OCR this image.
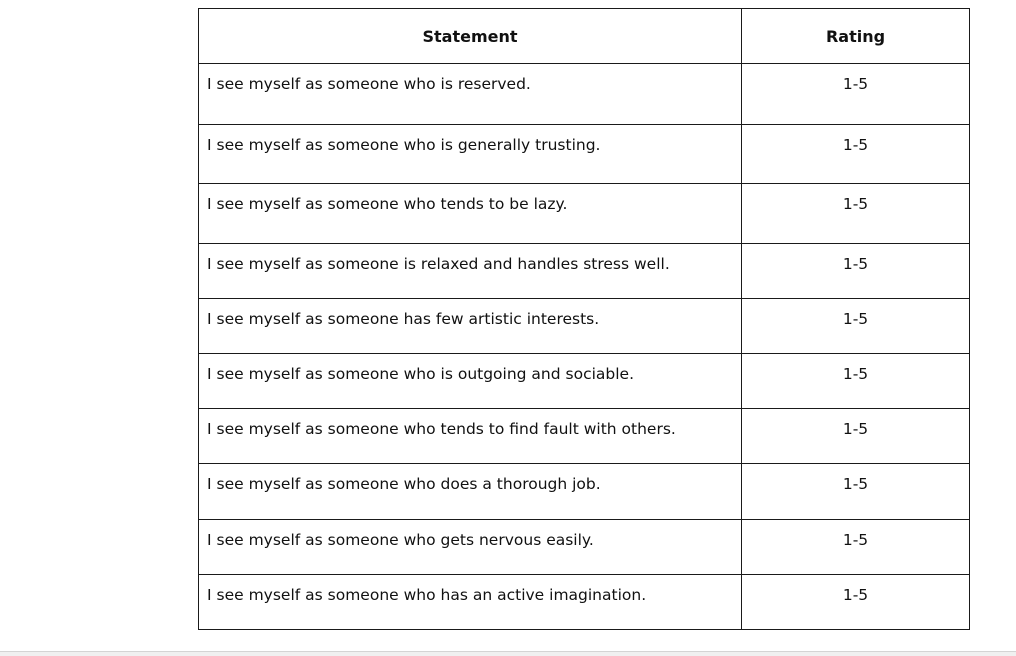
Statement	Rating
I see myself as someone who is reserved.	1-5
I see myself as someone who is generally trusting.	1-5
I see myself as someone who tends to be lazy.	1-5
I see myself as someone is relaxed and handles stress well.	1-5
I see myself as someone has few artistic interests.	1-5
I see myself as someone who is outgoing and sociable.	1-5
I see myself as someone who tends to find fault with others.	1-5
I see myself as someone who does a thorough job.	1-5
I see myself as someone who gets nervous easily.	1-5
I see myself as someone who has an active imagination.	1-5
